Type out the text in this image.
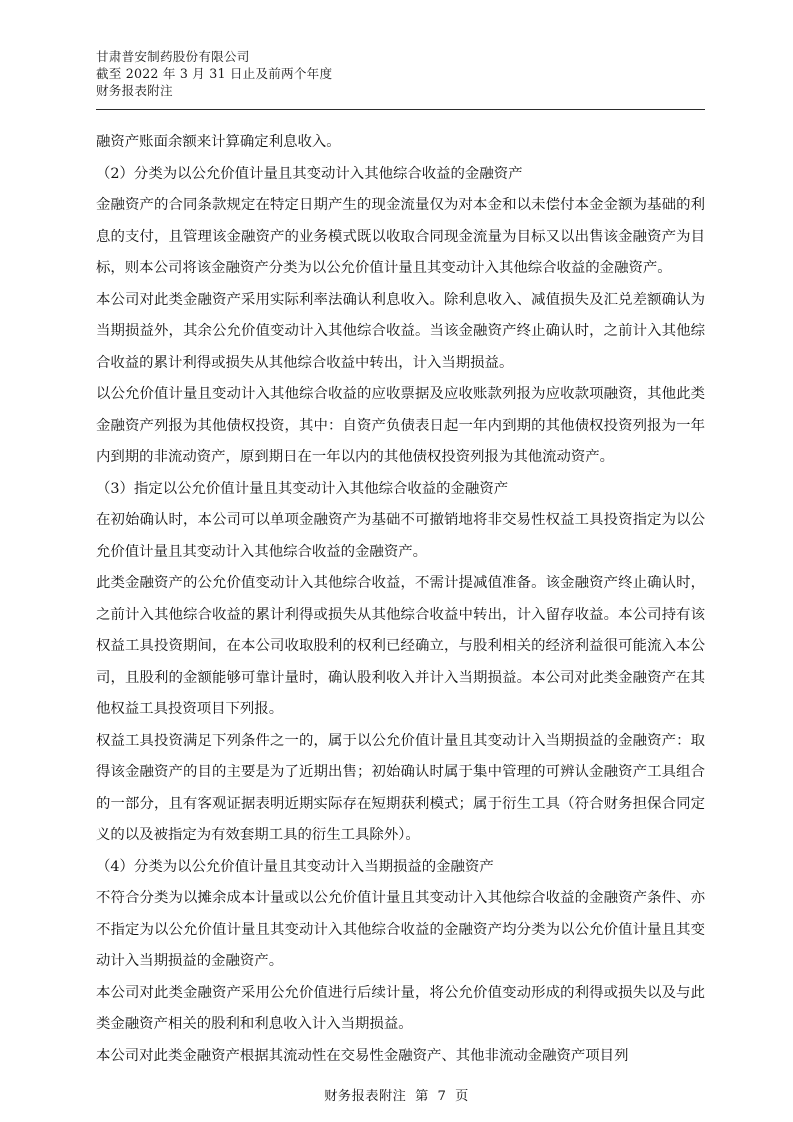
甘肃普安制药股份有限公司
截至 2022 年 3 月 31 日止及前两个年度
财务报表附注

融资产账面余额来计算确定利息收入。

（2）分类为以公允价值计量且其变动计入其他综合收益的金融资产

金融资产的合同条款规定在特定日期产生的现金流量仅为对本金和以未偿付本金金额为基础的利息的支付，且管理该金融资产的业务模式既以收取合同现金流量为目标又以出售该金融资产为目标，则本公司将该金融资产分类为以公允价值计量且其变动计入其他综合收益的金融资产。

本公司对此类金融资产采用实际利率法确认利息收入。除利息收入、减值损失及汇兑差额确认为当期损益外，其余公允价值变动计入其他综合收益。当该金融资产终止确认时，之前计入其他综合收益的累计利得或损失从其他综合收益中转出，计入当期损益。

以公允价值计量且变动计入其他综合收益的应收票据及应收账款列报为应收款项融资，其他此类金融资产列报为其他债权投资，其中：自资产负债表日起一年内到期的其他债权投资列报为一年内到期的非流动资产，原到期日在一年以内的其他债权投资列报为其他流动资产。

（3）指定以公允价值计量且其变动计入其他综合收益的金融资产

在初始确认时，本公司可以单项金融资产为基础不可撤销地将非交易性权益工具投资指定为以公允价值计量且其变动计入其他综合收益的金融资产。

此类金融资产的公允价值变动计入其他综合收益，不需计提减值准备。该金融资产终止确认时，之前计入其他综合收益的累计利得或损失从其他综合收益中转出，计入留存收益。本公司持有该权益工具投资期间，在本公司收取股利的权利已经确立，与股利相关的经济利益很可能流入本公司，且股利的金额能够可靠计量时，确认股利收入并计入当期损益。本公司对此类金融资产在其他权益工具投资项目下列报。

权益工具投资满足下列条件之一的，属于以公允价值计量且其变动计入当期损益的金融资产：取得该金融资产的目的主要是为了近期出售；初始确认时属于集中管理的可辨认金融资产工具组合的一部分，且有客观证据表明近期实际存在短期获利模式；属于衍生工具（符合财务担保合同定义的以及被指定为有效套期工具的衍生工具除外）。

（4）分类为以公允价值计量且其变动计入当期损益的金融资产

不符合分类为以摊余成本计量或以公允价值计量且其变动计入其他综合收益的金融资产条件、亦不指定为以公允价值计量且其变动计入其他综合收益的金融资产均分类为以公允价值计量且其变动计入当期损益的金融资产。

本公司对此类金融资产采用公允价值进行后续计量，将公允价值变动形成的利得或损失以及与此类金融资产相关的股利和利息收入计入当期损益。

本公司对此类金融资产根据其流动性在交易性金融资产、其他非流动金融资产项目列

财务报表附注 第 7 页
